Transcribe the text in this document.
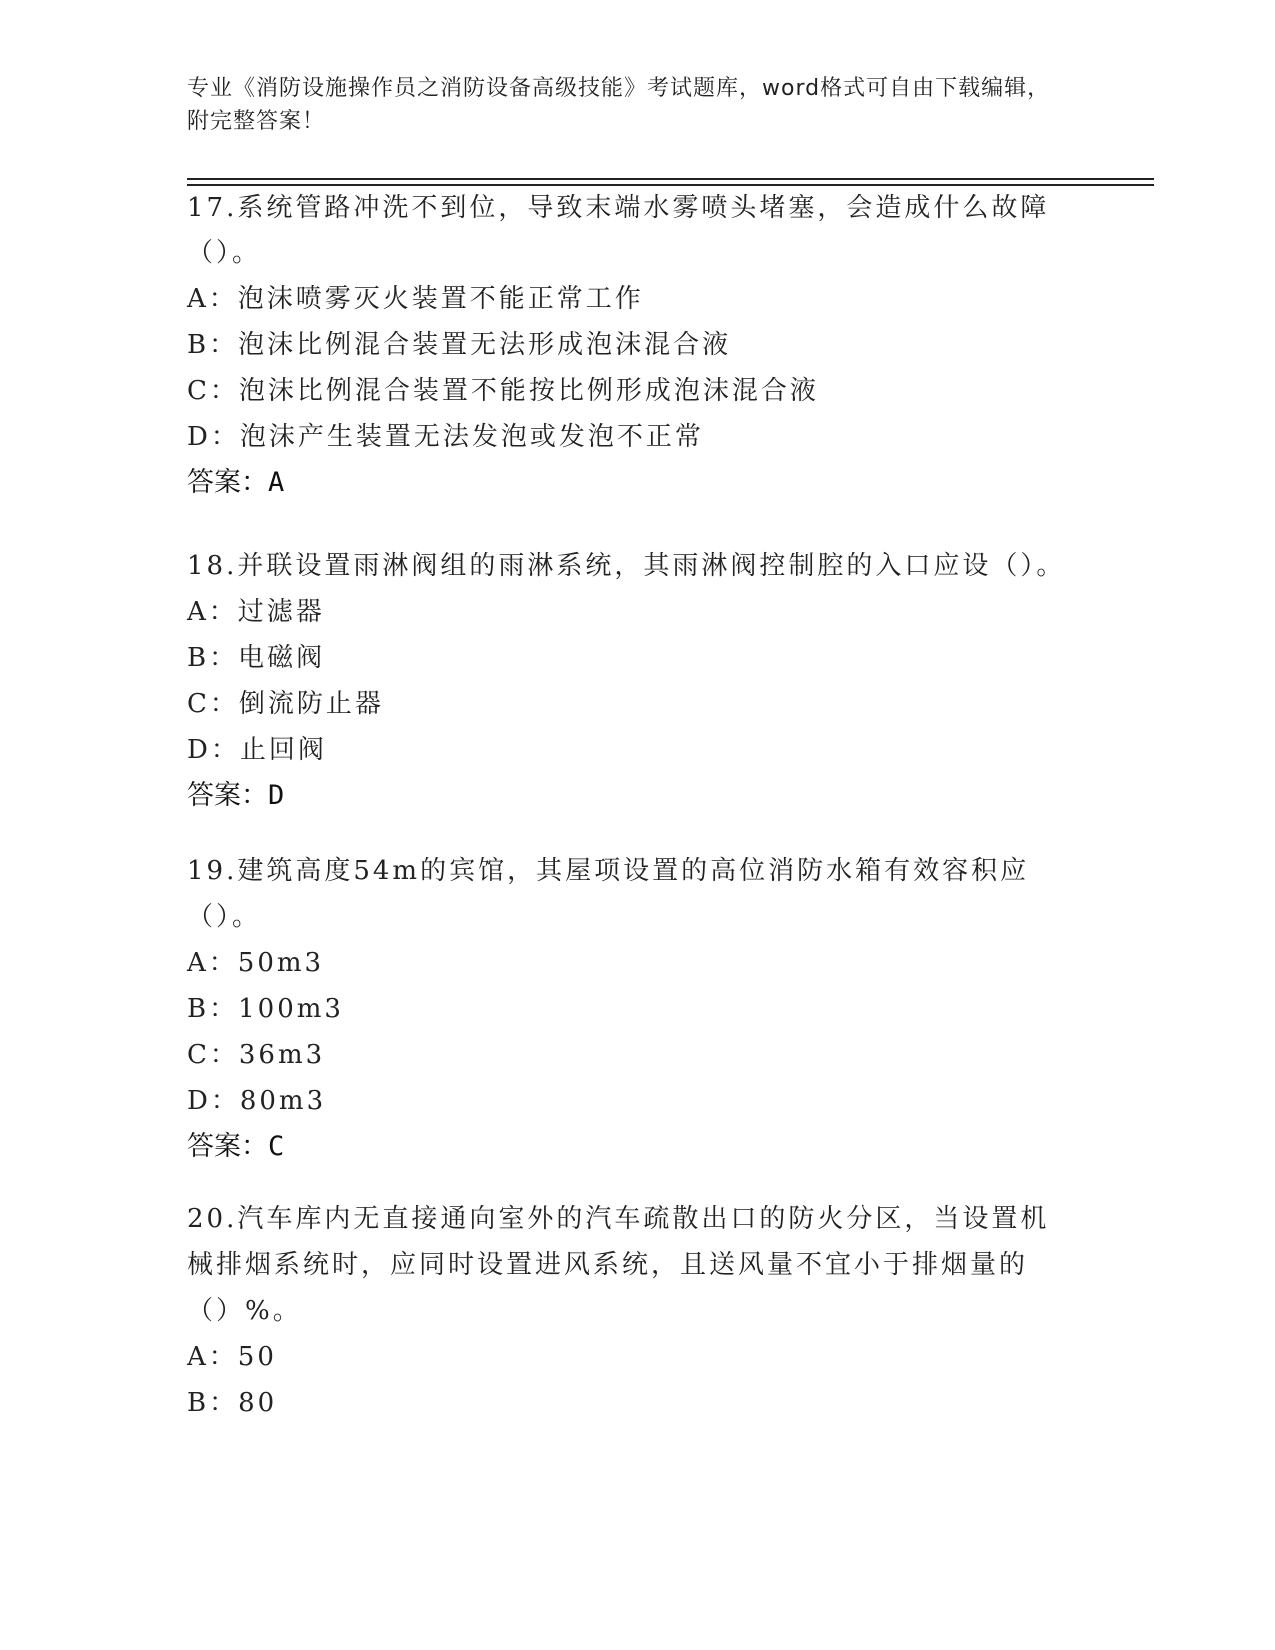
专业《消防设施操作员之消防设备高级技能》考试题库，word格式可自由下载编辑，附完整答案！
17.系统管路冲洗不到位，导致末端水雾喷头堵塞，会造成什么故障（）。
A：泡沫喷雾灭火装置不能正常工作
B：泡沫比例混合装置无法形成泡沫混合液
C：泡沫比例混合装置不能按比例形成泡沫混合液
D：泡沫产生装置无法发泡或发泡不正常
答案：A
18.并联设置雨淋阀组的雨淋系统，其雨淋阀控制腔的入口应设（）。
A：过滤器
B：电磁阀
C：倒流防止器
D：止回阀
答案：D
19.建筑高度54m的宾馆，其屋项设置的高位消防水箱有效容积应（）。
A：50m3
B：100m3
C：36m3
D：80m3
答案：C
20.汽车库内无直接通向室外的汽车疏散出口的防火分区，当设置机械排烟系统时，应同时设置进风系统，且送风量不宜小于排烟量的（）%。
A：50
B：80
